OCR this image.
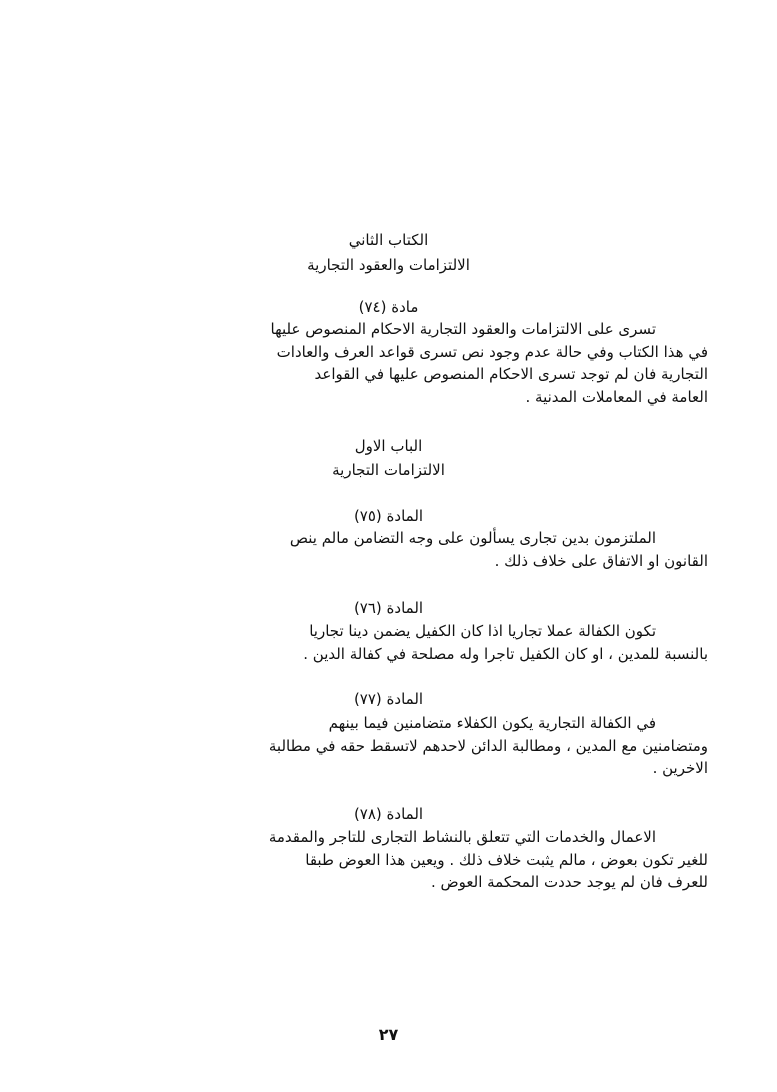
الكتاب الثاني
الالتزامات والعقود التجارية
مادة (٧٤)
تسرى على الالتزامات والعقود التجارية الاحكام المنصوص عليها
في هذا الكتاب وفي حالة عدم وجود نص تسرى قواعد العرف والعادات
التجارية فان لم توجد تسرى الاحكام المنصوص عليها في القواعد
العامة في المعاملات المدنية .
الباب الاول
الالتزامات التجارية
المادة (٧٥)
الملتزمون بدين تجارى يسألون على وجه التضامن مالم ينص
القانون او الاتفاق على خلاف ذلك .
المادة (٧٦)
تكون الكفالة عملا تجاريا اذا كان الكفيل يضمن دينا تجاريا
بالنسبة للمدين ، او كان الكفيل تاجرا وله مصلحة في كفالة الدين .
المادة (٧٧)
في الكفالة التجارية يكون الكفلاء متضامنين فيما بينهم
ومتضامنين مع المدين ، ومطالبة الدائن لاحدهم لاتسقط حقه في مطالبة
الاخرين .
المادة (٧٨)
الاعمال والخدمات التي تتعلق بالنشاط التجارى للتاجر والمقدمة
للغير تكون بعوض ، مالم يثبت خلاف ذلك . ويعين هذا العوض طبقا
للعرف فان لم يوجد حددت المحكمة العوض .
٢٧
